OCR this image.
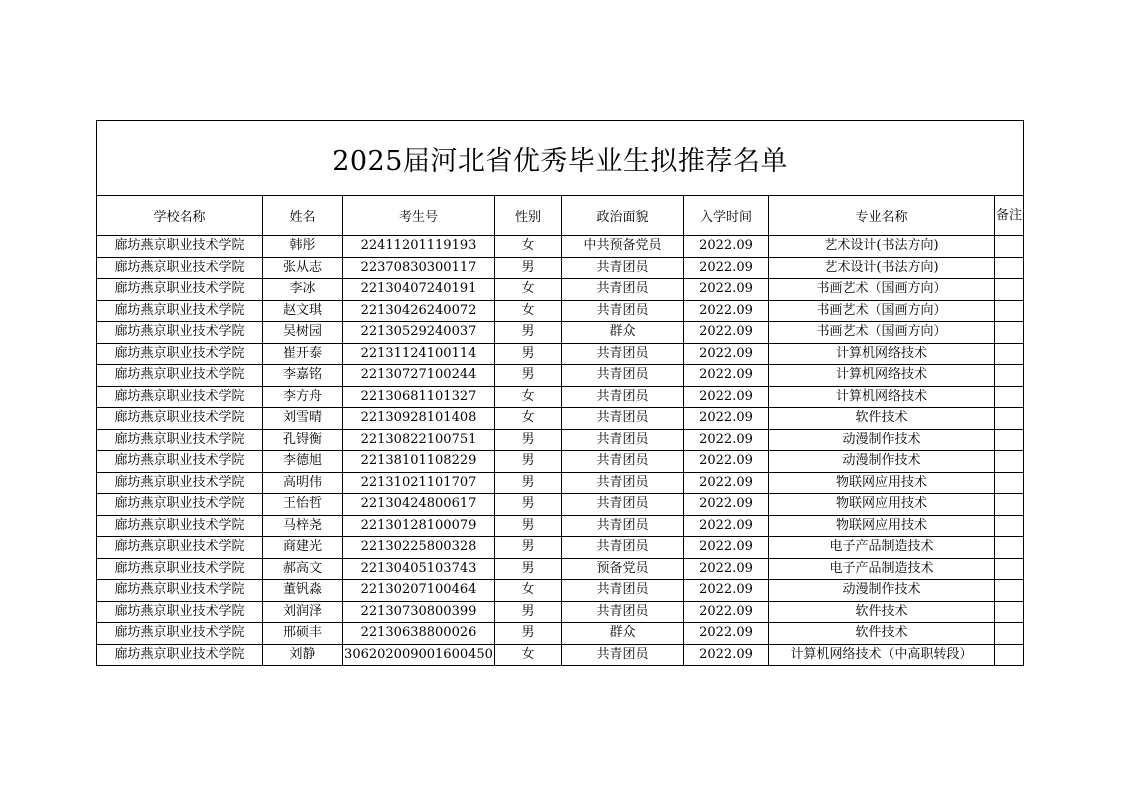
2025届河北省优秀毕业生拟推荐名单							
学校名称	姓名	考生号	性别	政治面貌	入学时间	专业名称	备注
廊坊燕京职业技术学院	韩彤	22411201119193	女	中共预备党员	2022.09	艺术设计(书法方向)	
廊坊燕京职业技术学院	张从志	22370830300117	男	共青团员	2022.09	艺术设计(书法方向)	
廊坊燕京职业技术学院	李冰	22130407240191	女	共青团员	2022.09	书画艺术（国画方向）	
廊坊燕京职业技术学院	赵文琪	22130426240072	女	共青团员	2022.09	书画艺术（国画方向）	
廊坊燕京职业技术学院	吴树园	22130529240037	男	群众	2022.09	书画艺术（国画方向）	
廊坊燕京职业技术学院	崔开泰	22131124100114	男	共青团员	2022.09	计算机网络技术	
廊坊燕京职业技术学院	李嘉铭	22130727100244	男	共青团员	2022.09	计算机网络技术	
廊坊燕京职业技术学院	李方舟	22130681101327	女	共青团员	2022.09	计算机网络技术	
廊坊燕京职业技术学院	刘雪晴	22130928101408	女	共青团员	2022.09	软件技术	
廊坊燕京职业技术学院	孔锝衡	22130822100751	男	共青团员	2022.09	动漫制作技术	
廊坊燕京职业技术学院	李德旭	22138101108229	男	共青团员	2022.09	动漫制作技术	
廊坊燕京职业技术学院	高明伟	22131021101707	男	共青团员	2022.09	物联网应用技术	
廊坊燕京职业技术学院	王怡哲	22130424800617	男	共青团员	2022.09	物联网应用技术	
廊坊燕京职业技术学院	马梓尧	22130128100079	男	共青团员	2022.09	物联网应用技术	
廊坊燕京职业技术学院	商建光	22130225800328	男	共青团员	2022.09	电子产品制造技术	
廊坊燕京职业技术学院	郝高文	22130405103743	男	预备党员	2022.09	电子产品制造技术	
廊坊燕京职业技术学院	董钒淼	22130207100464	女	共青团员	2022.09	动漫制作技术	
廊坊燕京职业技术学院	刘润泽	22130730800399	男	共青团员	2022.09	软件技术	
廊坊燕京职业技术学院	邢硕丰	22130638800026	男	群众	2022.09	软件技术	
廊坊燕京职业技术学院	刘静	306202009001600450	女	共青团员	2022.09	计算机网络技术（中高职转段）	
